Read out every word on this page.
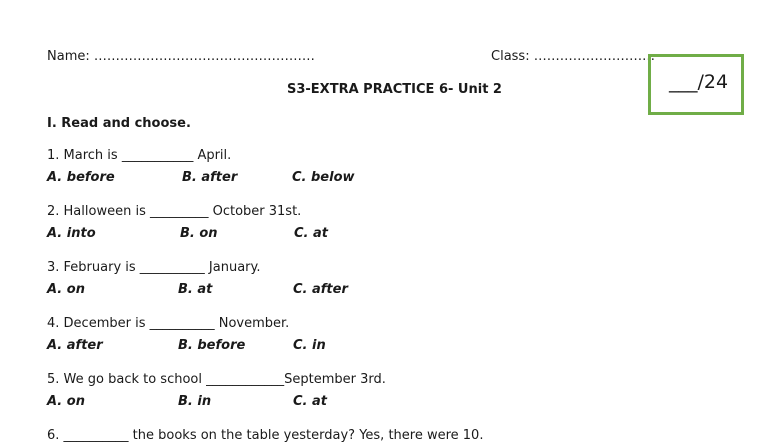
Name: ……………………………………………	Class: ……………………….
___/24
S3-EXTRA PRACTICE 6- Unit 2
I. Read and choose.
1. March is ___________ April.
A. before	B. after	C. below
2. Halloween is _________ October 31st.
A. into	B. on	C. at
3. February is __________ January.
A. on	B. at	C. after
4. December is __________ November.
A. after	B. before	C. in
5. We go back to school ____________September 3rd.
A. on	B. in	C. at
6. __________ the books on the table yesterday? Yes, there were 10.
